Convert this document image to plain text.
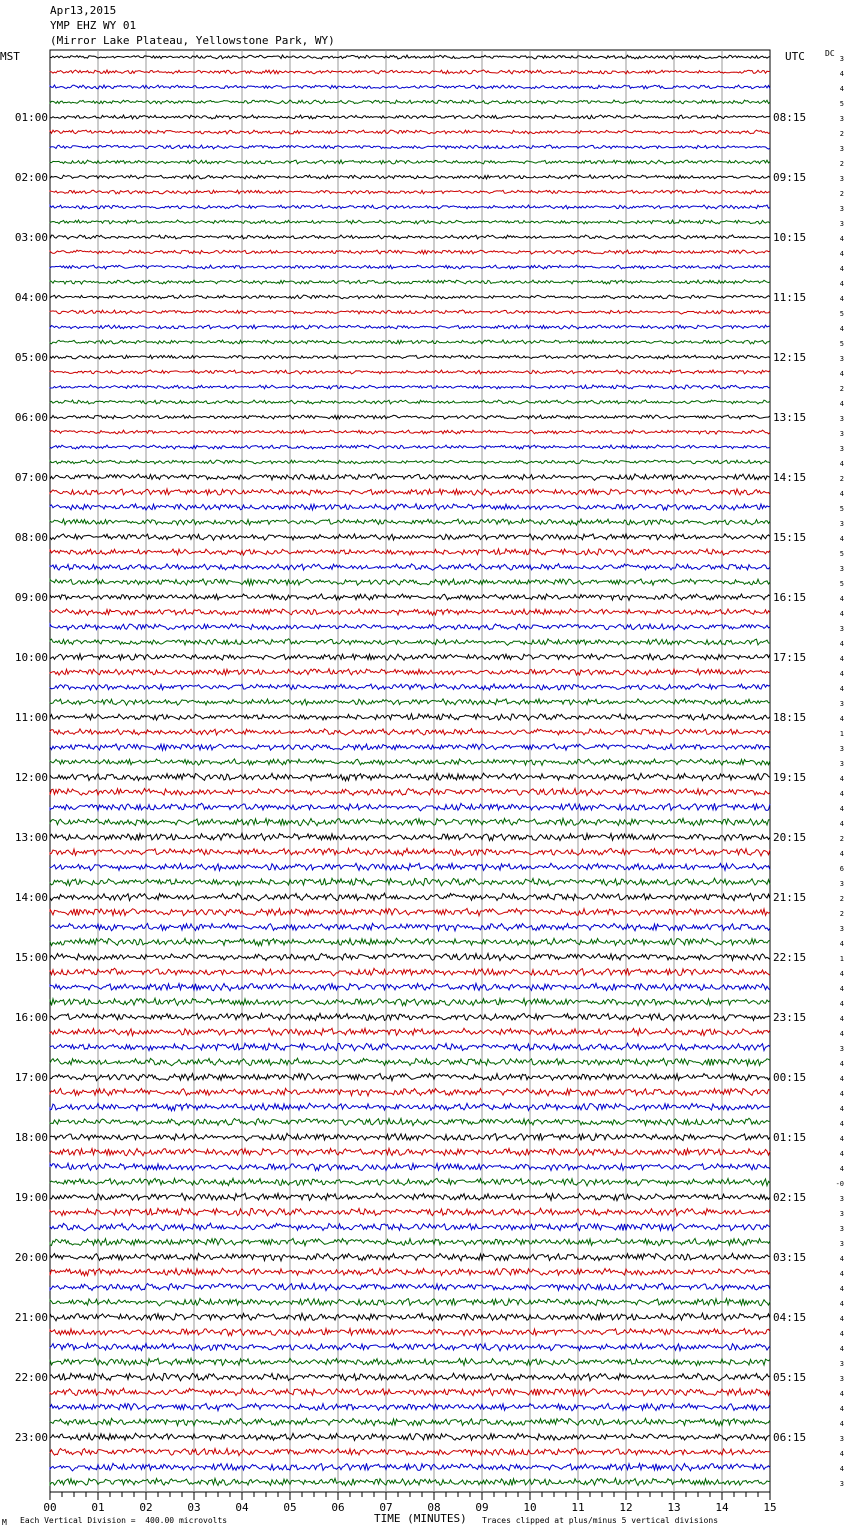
Apr13,2015
YMP EHZ WY 01
(Mirror Lake Plateau, Yellowstone Park, WY)
MST	UTC	DC
00	01	02	03	04	05	06	07	08	09	10	11	12	13	14	15
01:00
02:00
03:00
04:00
05:00
06:00
07:00
08:00
09:00
10:00
11:00
12:00
13:00
14:00
15:00
16:00
17:00
18:00
19:00
20:00
21:00
22:00
23:00
08:15
09:15
10:15
11:15
12:15
13:15
14:15
15:15
16:15
17:15
18:15
19:15
20:15
21:15
22:15
23:15
00:15
01:15
02:15
03:15
04:15
05:15
06:15
3
4
4
5
3
2
3
2
3
2
3
3
4
4
4
4
4
5
4
5
3
4
2
4
3
3
3
4
2
4
5
3
4
5
3
5
4
4
3
4
4
4
4
3
4
1
3
3
4
4
4
4
2
4
6
3
2
2
3
4
1
4
4
4
4
4
3
4
4
4
4
4
4
4
4
-0
3
3
3
3
4
4
4
4
4
4
4
3
3
4
4
4
3
4
4
3
M Each Vertical Division =  400.00 microvolts	TIME (MINUTES) Traces clipped at plus/minus 5 vertical divisions
